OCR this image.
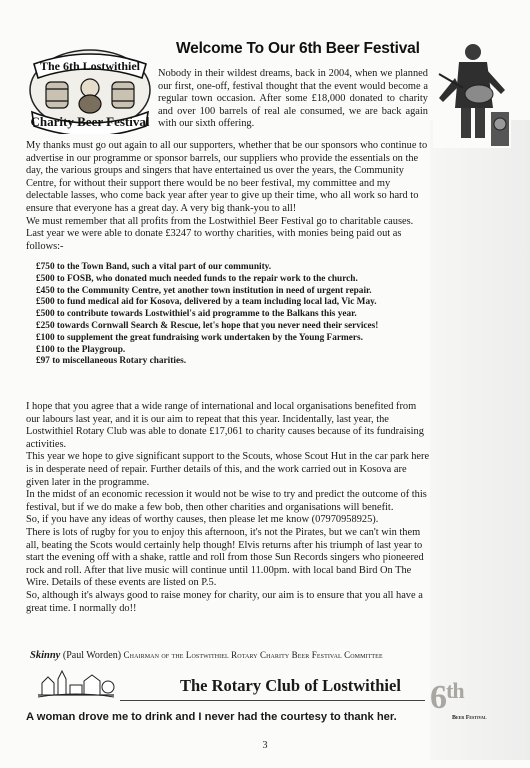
The 6th Lostwithiel
Charity Beer Festival
Welcome To Our 6th Beer Festival

Nobody in their wildest dreams, back in 2004, when we planned our first, one-off, festival thought that the event would become a regular town occasion. After some £18,000 donated to charity and over 100 barrels of real ale consumed, we are back again with our sixth offering.

My thanks must go out again to all our supporters, whether that be our sponsors who continue to advertise in our programme or sponsor barrels, our suppliers who provide the essentials on the day, the various groups and singers that have entertained us over the years, the Community Centre, for without their support there would be no beer festival, my committee and my delectable lasses, who come back year after year to give up their time, who all work so hard to ensure that everyone has a great day. A very big thank-you to all!

We must remember that all profits from the Lostwithiel Beer Festival go to charitable causes. Last year we were able to donate £3247 to worthy charities, with monies being paid out as follows:-

£750 to the Town Band, such a vital part of our community.
£500 to FOSB, who donated much needed funds to the repair work to the church.
£450 to the Community Centre, yet another town institution in need of urgent repair.
£500 to fund medical aid for Kosova, delivered by a team including local lad, Vic May.
£500 to contribute towards Lostwithiel's aid programme to the Balkans this year.
£250 towards Cornwall Search & Rescue, let's hope that you never need their services!
£100 to supplement the great fundraising work undertaken by the Young Farmers.
£100 to the Playgroup.
£97 to miscellaneous Rotary charities.

I hope that you agree that a wide range of international and local organisations benefited from our labours last year, and it is our aim to repeat that this year. Incidentally, last year, the Lostwithiel Rotary Club was able to donate £17,061 to charity causes because of its fundraising activities.

This year we hope to give significant support to the Scouts, whose Scout Hut in the car park here is in desperate need of repair. Further details of this, and the work carried out in Kosova are given later in the programme.

In the midst of an economic recession it would not be wise to try and predict the outcome of this festival, but if we do make a few bob, then other charities and organisations will benefit.

So, if you have any ideas of worthy causes, then please let me know (07970958925).

There is lots of rugby for you to enjoy this afternoon, it's not the Pirates, but we can't win them all, beating the Scots would certainly help though! Elvis returns after his triumph of last year to start the evening off with a shake, rattle and roll from those Sun Records singers who pioneered rock and roll. After that live music will continue until 11.00pm. with local band Bird On The Wire. Details of these events are listed on P.5.

So, although it's always good to raise money for charity, our aim is to ensure that you all have a great time. I normally do!!

Skinny (Paul Worden) Chairman of the Lostwithiel Rotary Charity Beer Festival Committee
The Rotary Club of Lostwithiel
A woman drove me to drink and I never had the courtesy to thank her.
6th
Beer Festival
3
